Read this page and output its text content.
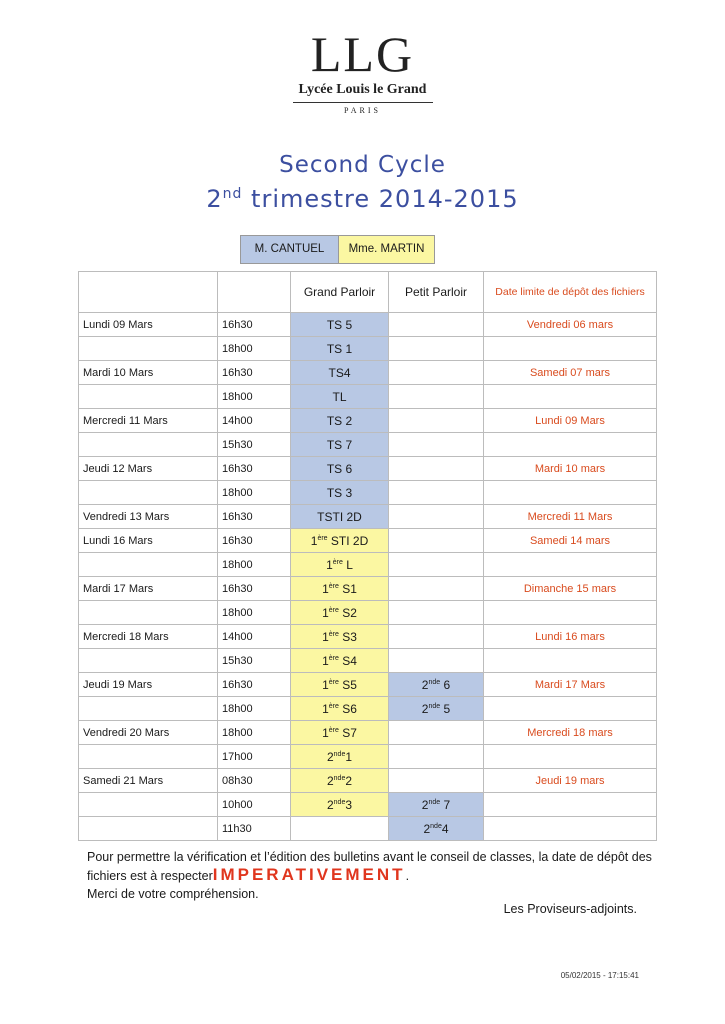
LLG
Lycée Louis le Grand
PARIS
Second Cycle
2nd trimestre 2014-2015
M. CANTUEL	Mme. MARTIN
		Grand Parloir	Petit Parloir	Date limite de dépôt des fichiers
Lundi 09 Mars	16h30	TS 5		Vendredi 06 mars
	18h00	TS 1		
Mardi 10 Mars	16h30	TS4		Samedi 07 mars
	18h00	TL		
Mercredi 11 Mars	14h00	TS 2		Lundi 09 Mars
	15h30	TS 7		
Jeudi 12 Mars	16h30	TS 6		Mardi 10 mars
	18h00	TS 3		
Vendredi 13 Mars	16h30	TSTI 2D		Mercredi 11 Mars
Lundi 16 Mars	16h30	1ère STI 2D		Samedi 14 mars
	18h00	1ère L		
Mardi 17 Mars	16h30	1ère S1		Dimanche 15 mars
	18h00	1ère S2		
Mercredi 18 Mars	14h00	1ère S3		Lundi 16 mars
	15h30	1ère S4		
Jeudi 19 Mars	16h30	1ère S5	2nde 6	Mardi 17 Mars
	18h00	1ère S6	2nde 5	
Vendredi 20 Mars	18h00	1ère S7		Mercredi 18 mars
	17h00	2nde1		
Samedi 21 Mars	08h30	2nde2		Jeudi 19 mars
	10h00	2nde3	2nde 7	
	11h30		2nde4	
Pour permettre la vérification et l’édition des bulletins avant le conseil de classes, la date de dépôt des fichiers est à respecterIMPERATIVEMENT.
Merci de votre compréhension.
Les Proviseurs-adjoints.
05/02/2015 - 17:15:41
